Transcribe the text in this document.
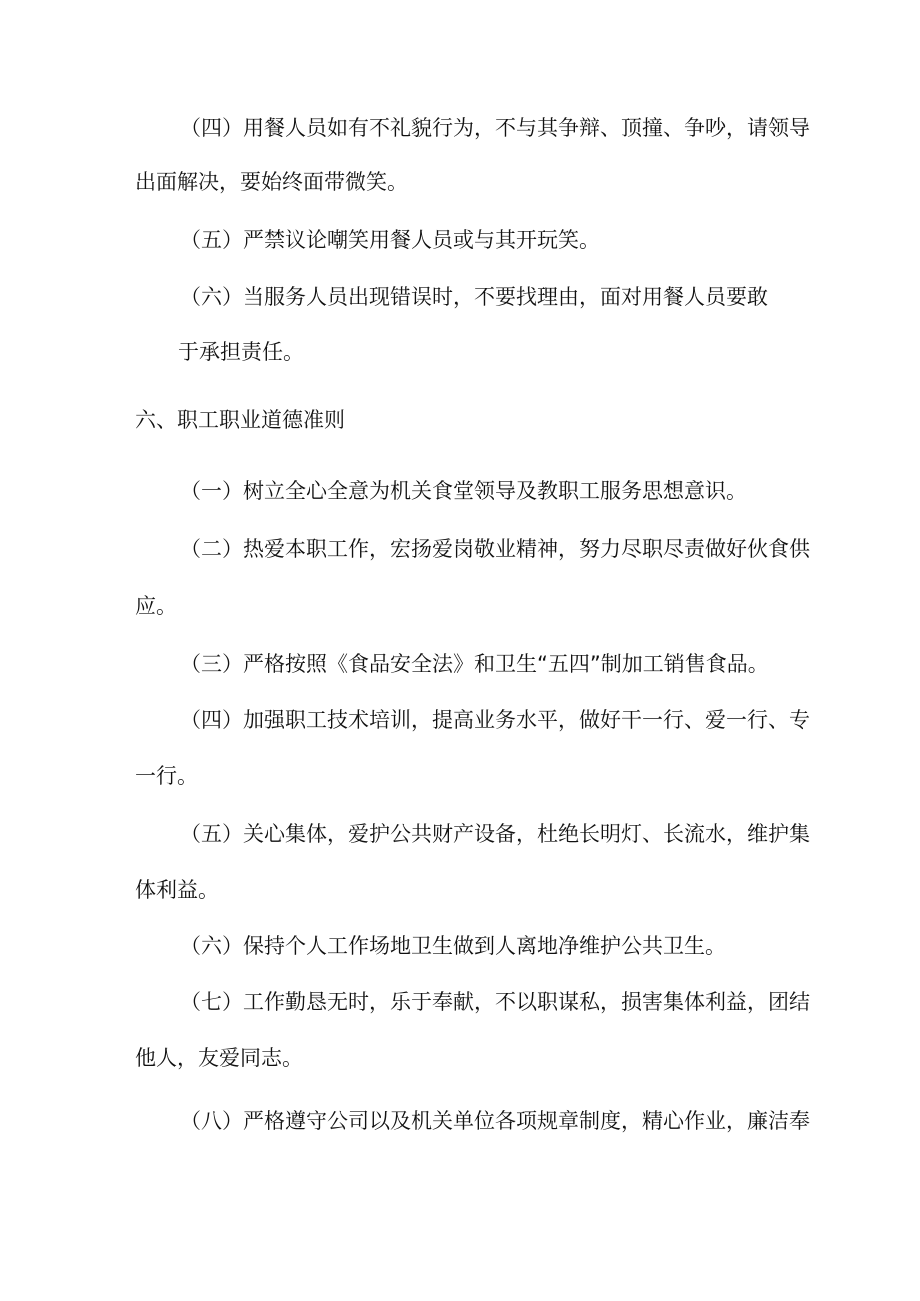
（四）用餐人员如有不礼貌行为，不与其争辩、顶撞、争吵，请领导
出面解决，要始终面带微笑。
（五）严禁议论嘲笑用餐人员或与其开玩笑。
（六）当服务人员出现错误时，不要找理由，面对用餐人员要敢
于承担责任。
六、职工职业道德准则
（一）树立全心全意为机关食堂领导及教职工服务思想意识。
（二）热爱本职工作，宏扬爱岗敬业精神，努力尽职尽责做好伙食供
应。
（三）严格按照《食品安全法》和卫生“五四”制加工销售食品。
（四）加强职工技术培训，提高业务水平，做好干一行、爱一行、专
一行。
（五）关心集体，爱护公共财产设备，杜绝长明灯、长流水，维护集
体利益。
（六）保持个人工作场地卫生做到人离地净维护公共卫生。
（七）工作勤恳无时，乐于奉献，不以职谋私，损害集体利益，团结
他人，友爱同志。
（八）严格遵守公司以及机关单位各项规章制度，精心作业，廉洁奉
